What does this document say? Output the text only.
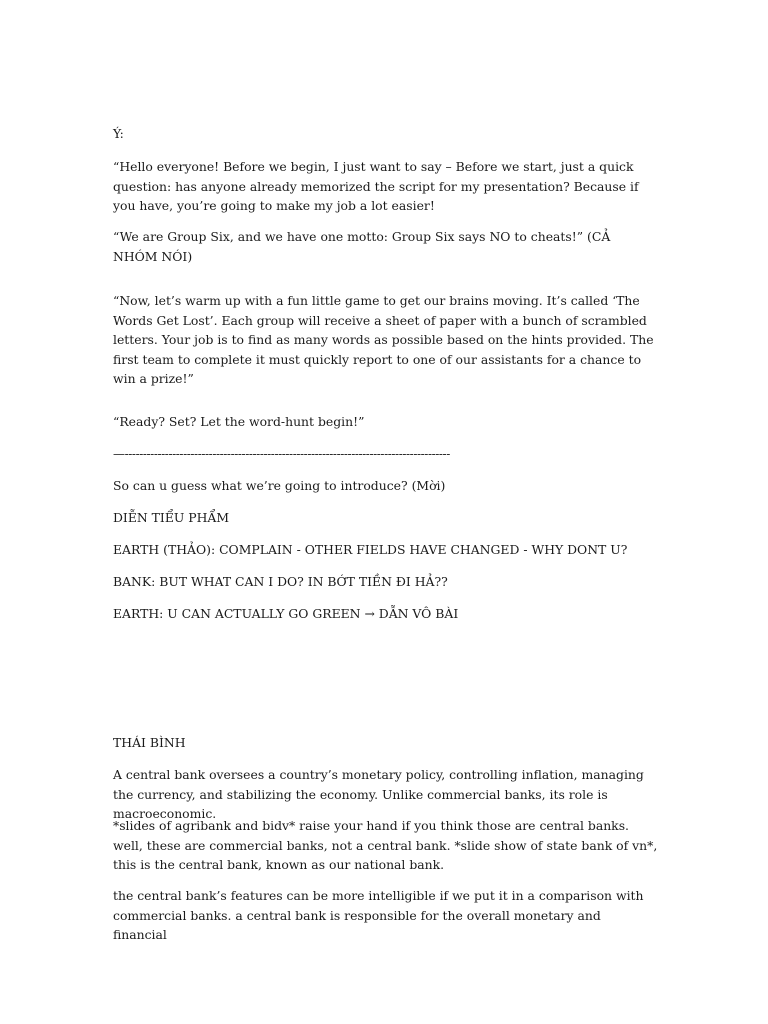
Ý:

“Hello everyone! Before we begin, I just want to say – Before we start, just a quick question: has anyone already memorized the script for my presentation? Because if you have, you’re going to make my job a lot easier!

“We are Group Six, and we have one motto: Group Six says NO to cheats!” (CẢ NHÓM NÓI)

“Now, let’s warm up with a fun little game to get our brains moving. It’s called ‘The Words Get Lost’. Each group will receive a sheet of paper with a bunch of scrambled letters. Your job is to find as many words as possible based on the hints provided. The first team to complete it must quickly report to one of our assistants for a chance to win a prize!”

“Ready? Set? Let the word-hunt begin!”

—-----------------------------------------------------------------------------------------

So can u guess what we’re going to introduce? (Mời)

DIỄN TIỂU PHẨM

EARTH (THẢO): COMPLAIN - OTHER FIELDS HAVE CHANGED - WHY DONT U?

BANK: BUT WHAT CAN I DO? IN BỚT TIỀN ĐI HẢ??

EARTH: U CAN ACTUALLY GO GREEN → DẪN VÔ BÀI

THÁI BÌNH

A central bank oversees a country’s monetary policy, controlling inflation, managing the currency, and stabilizing the economy. Unlike commercial banks, its role is macroeconomic.

*slides of agribank and bidv* raise your hand if you think those are central banks. well, these are commercial banks, not a central bank. *slide show of state bank of vn*, this is the central bank, known as our national bank.

the central bank’s features can be more intelligible if we put it in a comparison with commercial banks. a central bank is responsible for the overall monetary and financial
